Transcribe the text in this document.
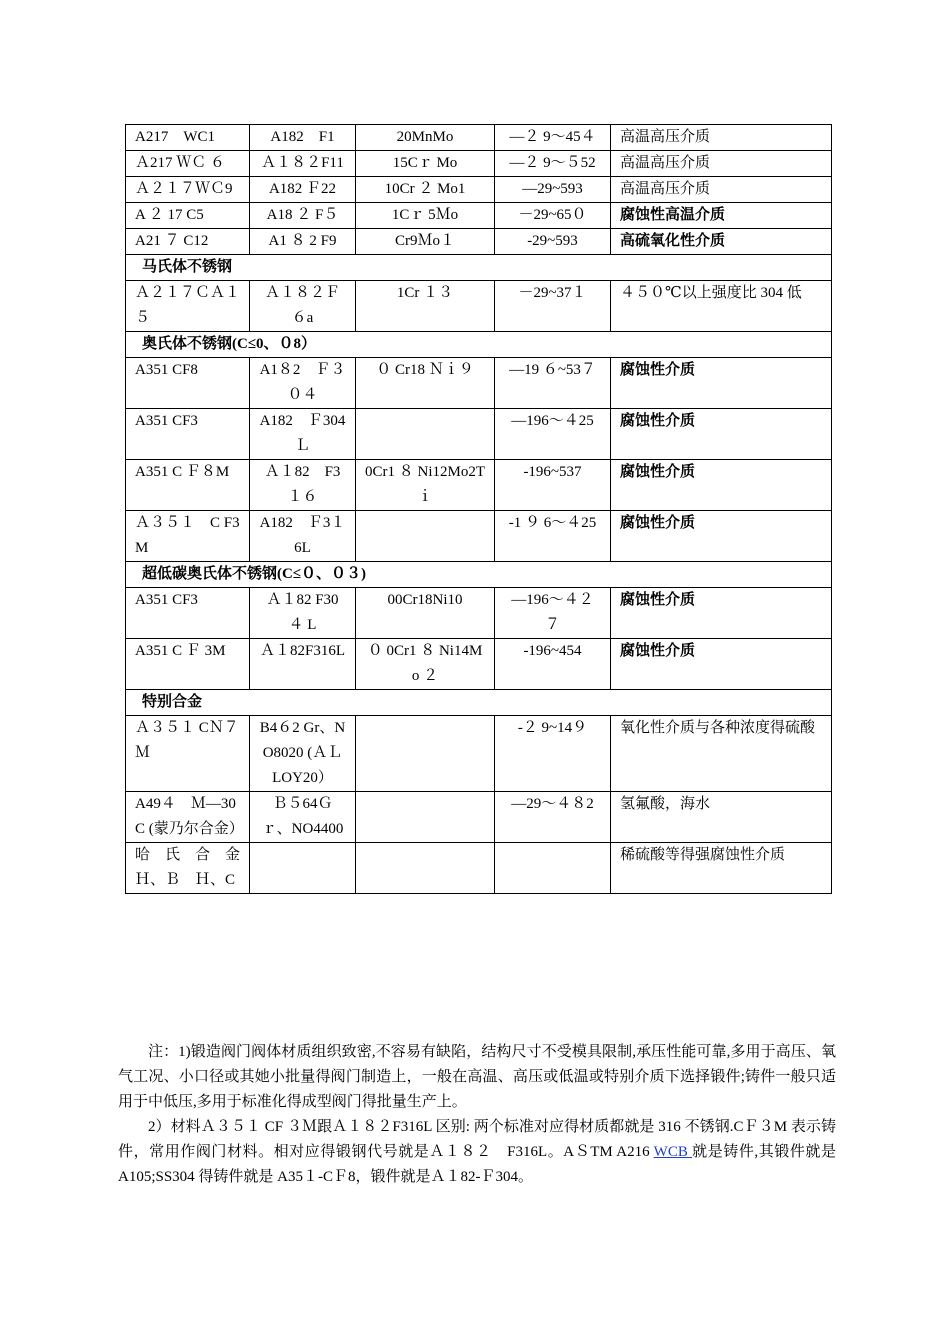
A217　WC1	A182　F1	20MnMo	—２ 9～45４	高温高压介质
Ａ217 ＷＣ ６	Ａ１８２F11	15Cｒ Mo	—２ 9～５52	高温高压介质
Ａ２１７ＷＣ9	A182 Ｆ22	10Cr ２ Mo1	—29~593	高温高压介质
A ２ 17 C5	A18 ２ F５	1Cｒ 5Ｍo	－29~65０	腐蚀性高温介质
A21 ７ C12	A1 ８ 2 F9	Cr9Ｍo１	-29~593	高硫氧化性介质
马氏体不锈钢				
Ａ２１７ＣＡ１５	Ａ１８２Ｆ６a	1Cr １３	－29~37１	４５０℃以上强度比 304 低
奥氏体不锈钢(C≤0、０8）				
A351 CF8	A1８2　Ｆ３０４	０ Cr18 Ｎｉ９	—19 ６~53７	腐蚀性介质
A351 CF3	A182　Ｆ304 Ｌ		—196～４25	腐蚀性介质
A351 C Ｆ８M	Ａ１82　F3１６	0Cr1 ８ Ni12Mo2Tｉ	-196~537	腐蚀性介质
Ａ３５１　C F3M	A182　Ｆ3１6L		-1 ９ 6～４25	腐蚀性介质
超低碳奥氏体不锈钢(C≤０、０３)				
A351 CF3	Ａ１82 F30４ L	00Cr18Ni10	—196～４２７	腐蚀性介质
A351 C Ｆ 3M	Ａ１82F316L	０ 0Cr1 ８ Ni14Mo ２	-196~454	腐蚀性介质
特别合金				
Ａ３５１ CＮ７Ｍ	B4６2 Gr、NO8020 (ＡＬLOY20）		-２ 9~14９	氧化性介质与各种浓度得硫酸
A49４　Ｍ—30C (蒙乃尔合金）	Ｂ５64Ｇｒ、NO4400		—29～４８2	氢氟酸，海水
哈　氏　合　金 Ｈ、Ｂ　Ｈ、C				稀硫酸等得强腐蚀性介质

注：1)锻造阀门阀体材质组织致密,不容易有缺陷，结构尺寸不受模具限制,承压性能可靠,多用于高压、氧气工况、小口径或其她小批量得阀门制造上，一般在高温、高压或低温或特别介质下选择锻件;铸件一般只适用于中低压,多用于标准化得成型阀门得批量生产上。

2）材料Ａ３５１ CF ３Ｍ跟Ａ１８２F316L 区别: 两个标准对应得材质都就是 316 不锈钢.CＦ３M 表示铸件，常用作阀门材料。相对应得锻钢代号就是Ａ１８２　F316L。AＳTM A216 WCB 就是铸件,其锻件就是 A105;SS304 得铸件就是 A35１-CＦ8，锻件就是Ａ１82-Ｆ304。
